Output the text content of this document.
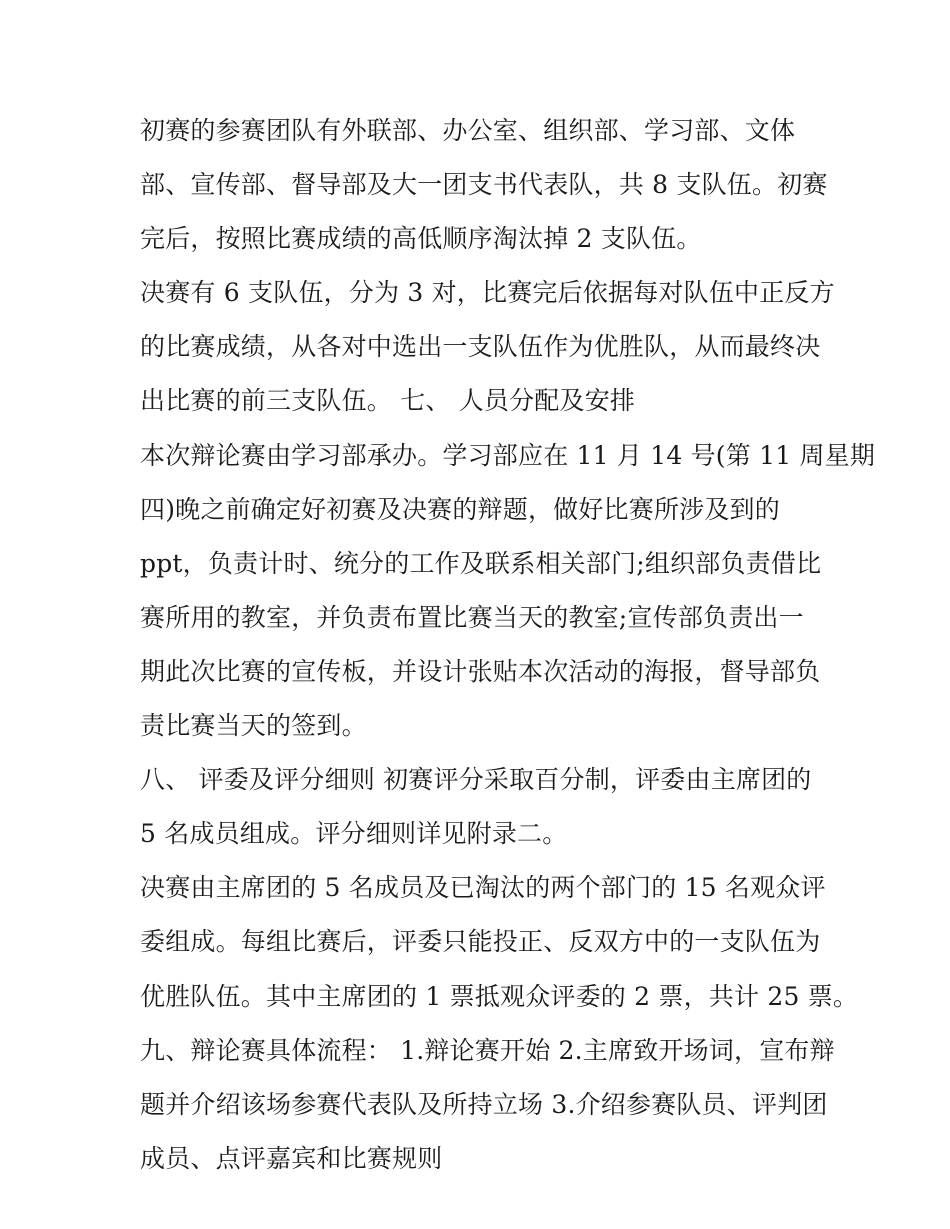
初赛的参赛团队有外联部、办公室、组织部、学习部、文体
部、宣传部、督导部及大一团支书代表队，共 8 支队伍。初赛
完后，按照比赛成绩的高低顺序淘汰掉 2 支队伍。
决赛有 6 支队伍，分为 3 对，比赛完后依据每对队伍中正反方
的比赛成绩，从各对中选出一支队伍作为优胜队，从而最终决
出比赛的前三支队伍。 七、 人员分配及安排
本次辩论赛由学习部承办。学习部应在 11 月 14 号(第 11 周星期
四)晚之前确定好初赛及决赛的辩题，做好比赛所涉及到的
ppt，负责计时、统分的工作及联系相关部门;组织部负责借比
赛所用的教室，并负责布置比赛当天的教室;宣传部负责出一
期此次比赛的宣传板，并设计张贴本次活动的海报，督导部负
责比赛当天的签到。
八、 评委及评分细则 初赛评分采取百分制，评委由主席团的
5 名成员组成。评分细则详见附录二。
决赛由主席团的 5 名成员及已淘汰的两个部门的 15 名观众评
委组成。每组比赛后，评委只能投正、反双方中的一支队伍为
优胜队伍。其中主席团的 1 票抵观众评委的 2 票，共计 25 票。
九、辩论赛具体流程： 1.辩论赛开始 2.主席致开场词，宣布辩
题并介绍该场参赛代表队及所持立场 3.介绍参赛队员、评判团
成员、点评嘉宾和比赛规则
